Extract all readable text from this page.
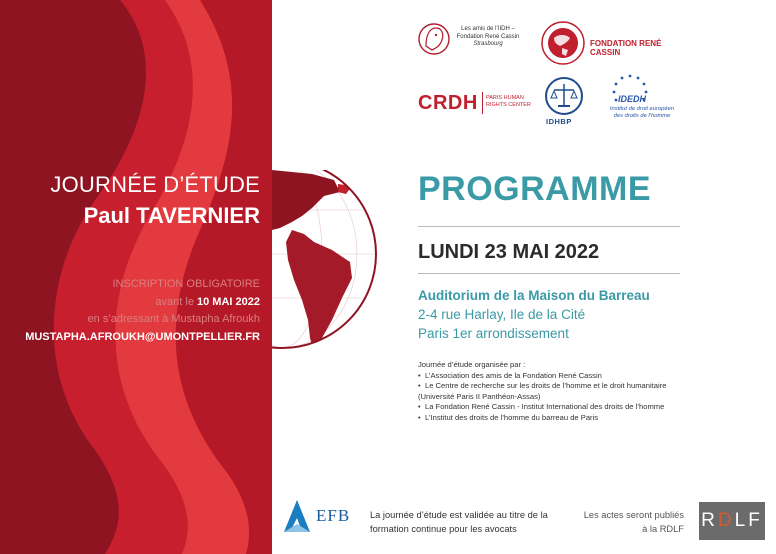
JOURNÉE D’ÉTUDE
Paul TAVERNIER
INSCRIPTION OBLIGATOIRE
avant le 10 MAI 2022
en s’adressant à Mustapha Afroukh
MUSTAPHA.AFROUKH@UMONTPELLIER.FR
Les amis de l’IIDH –
Fondation René Cassin
Strasbourg	FONDATION RENÉ CASSIN
CRDH PARIS HUMAN
RIGHTS CENTER
IDHBP
IDEDH
Institut de droit européen
des droits de l’homme
PROGRAMME
LUNDI 23 MAI 2022
Auditorium de la Maison du Barreau
2-4 rue Harlay, Ile de la Cité
Paris 1er arrondissement
Journée d’étude organisée par :
• L’Association des amis de la Fondation René Cassin
• Le Centre de recherche sur les droits de l’homme et le droit humanitaire
(Université Paris II Panthéon-Assas)
• La Fondation René Cassin - Institut International des droits de l’homme
• L’Institut des droits de l’homme du barreau de Paris
EFB La journée d’étude est validée au titre de la
formation continue pour les avocats
Les actes seront publiés
à la RDLF R D LF
